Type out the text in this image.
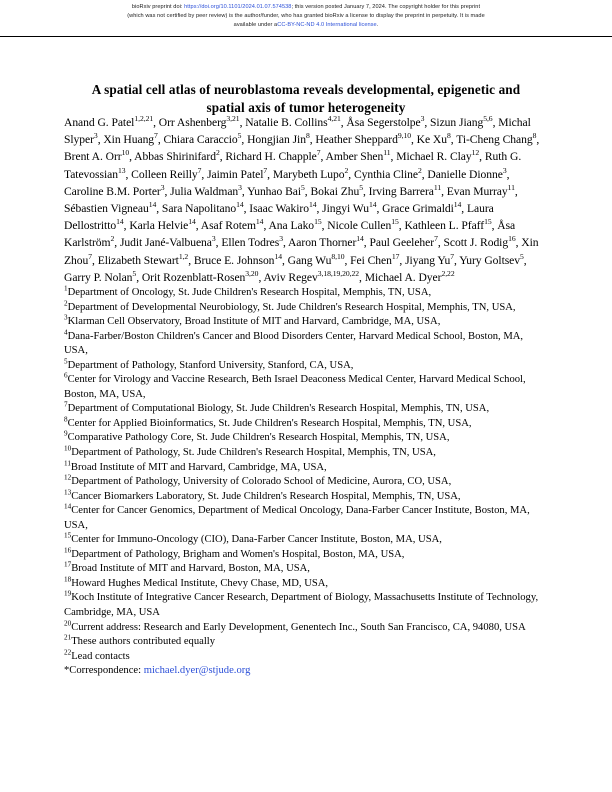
bioRxiv preprint doi: https://doi.org/10.1101/2024.01.07.574538; this version posted January 7, 2024. The copyright holder for this preprint
(which was not certified by peer review) is the author/funder, who has granted bioRxiv a license to display the preprint in perpetuity. It is made
available under aCC-BY-NC-ND 4.0 International license.
A spatial cell atlas of neuroblastoma reveals developmental, epigenetic and
spatial axis of tumor heterogeneity
Anand G. Patel$^{1,2,21}$, Orr Ashenberg$^{3,21}$, Natalie B. Collins$^{4,21}$, Åsa Segerstolpe$^3$, Sizun Jiang$^{5,6}$, Michal Slyper$^3$, Xin Huang$^7$, Chiara Caraccio$^5$, Hongjian Jin$^8$, Heather Sheppard$^{9,10}$, Ke Xu$^8$, Ti-Cheng Chang$^8$, Brent A. Orr$^{10}$, Abbas Shirinifard$^2$, Richard H. Chapple$^7$, Amber Shen$^{11}$, Michael R. Clay$^{12}$, Ruth G. Tatevossian$^{13}$, Colleen Reilly$^7$, Jaimin Patel$^7$, Marybeth Lupo$^2$, Cynthia Cline$^2$, Danielle Dionne$^3$, Caroline B.M. Porter$^3$, Julia Waldman$^3$, Yunhao Bai$^5$, Bokai Zhu$^5$, Irving Barrera$^{11}$, Evan Murray$^{11}$, Sébastien Vigneau$^{14}$, Sara Napolitano$^{14}$, Isaac Wakiro$^{14}$, Jingyi Wu$^{14}$, Grace Grimaldi$^{14}$, Laura Dellostritto$^{14}$, Karla Helvie$^{14}$, Asaf Rotem$^{14}$, Ana Lako$^{15}$, Nicole Cullen$^{15}$, Kathleen L. Pfaff$^{15}$, Åsa Karlström$^2$, Judit Jané-Valbuena$^3$, Ellen Todres$^3$, Aaron Thorner$^{14}$, Paul Geeleher$^7$, Scott J. Rodig$^{16}$, Xin Zhou$^7$, Elizabeth Stewart$^{1,2}$, Bruce E. Johnson$^{14}$, Gang Wu$^{8,10}$, Fei Chen$^{17}$, Jiyang Yu$^7$, Yury Goltsev$^5$, Garry P. Nolan$^5$, Orit Rozenblatt-Rosen$^{3,20}$, Aviv Regev$^{3,18,19,20,22}$, Michael A. Dyer$^{2,22}$

$^1$Department of Oncology, St. Jude Children's Research Hospital, Memphis, TN, USA,

$^2$Department of Developmental Neurobiology, St. Jude Children's Research Hospital, Memphis, TN, USA,

$^3$Klarman Cell Observatory, Broad Institute of MIT and Harvard, Cambridge, MA, USA,

$^4$Dana-Farber/Boston Children's Cancer and Blood Disorders Center, Harvard Medical School, Boston, MA, USA,

$^5$Department of Pathology, Stanford University, Stanford, CA, USA,

$^6$Center for Virology and Vaccine Research, Beth Israel Deaconess Medical Center, Harvard Medical School, Boston, MA, USA,

$^7$Department of Computational Biology, St. Jude Children's Research Hospital, Memphis, TN, USA,

$^8$Center for Applied Bioinformatics, St. Jude Children's Research Hospital, Memphis, TN, USA,

$^9$Comparative Pathology Core, St. Jude Children's Research Hospital, Memphis, TN, USA,

$^{10}$Department of Pathology, St. Jude Children's Research Hospital, Memphis, TN, USA,

$^{11}$Broad Institute of MIT and Harvard, Cambridge, MA, USA,

$^{12}$Department of Pathology, University of Colorado School of Medicine, Aurora, CO, USA,

$^{13}$Cancer Biomarkers Laboratory, St. Jude Children's Research Hospital, Memphis, TN, USA,

$^{14}$Center for Cancer Genomics, Department of Medical Oncology, Dana-Farber Cancer Institute, Boston, MA, USA,

$^{15}$Center for Immuno-Oncology (CIO), Dana-Farber Cancer Institute, Boston, MA, USA,

$^{16}$Department of Pathology, Brigham and Women's Hospital, Boston, MA, USA,

$^{17}$Broad Institute of MIT and Harvard, Boston, MA, USA,

$^{18}$Howard Hughes Medical Institute, Chevy Chase, MD, USA,

$^{19}$Koch Institute of Integrative Cancer Research, Department of Biology, Massachusetts Institute of Technology, Cambridge, MA, USA

$^{20}$Current address: Research and Early Development, Genentech Inc., South San Francisco, CA, 94080, USA

$^{21}$These authors contributed equally

$^{22}$Lead contacts

*Correspondence: michael.dyer@stjude.org
